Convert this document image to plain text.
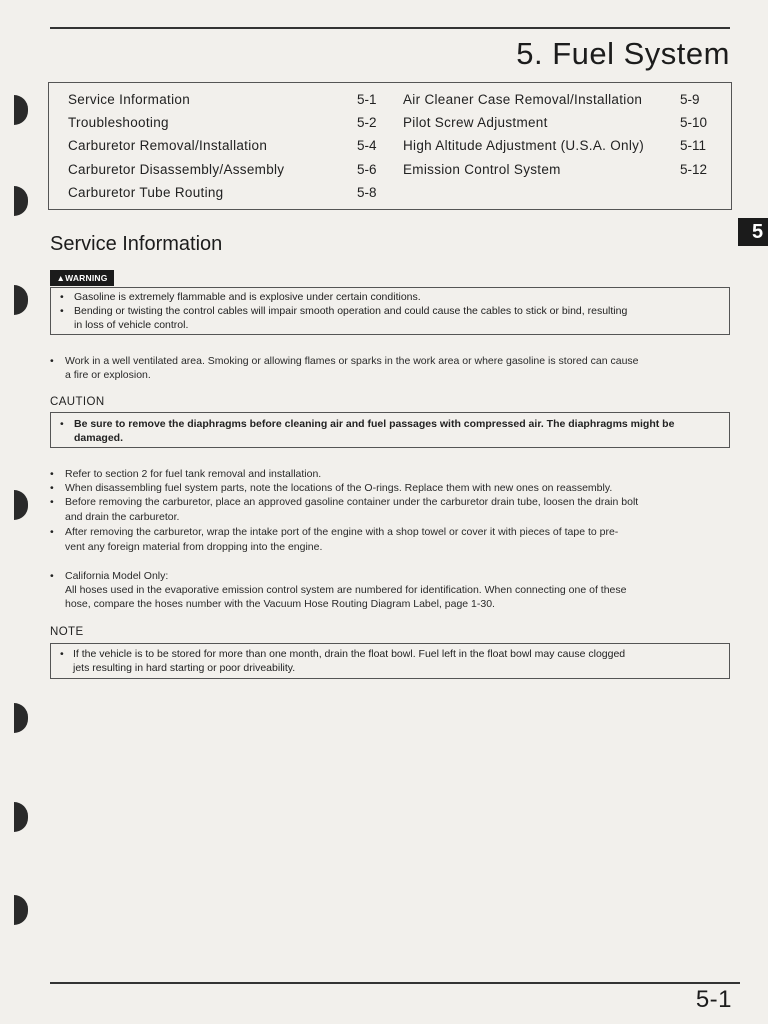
5. Fuel System
5
Service Information	5-1
Troubleshooting	5-2
Carburetor Removal/Installation	5-4
Carburetor Disassembly/Assembly	5-6
Carburetor Tube Routing	5-8
Air Cleaner Case Removal/Installation	5-9
Pilot Screw Adjustment	5-10
High Altitude Adjustment (U.S.A. Only)	5-11
Emission Control System	5-12
Service Information
▲WARNING
• Gasoline is extremely flammable and is explosive under certain conditions.
• Bending or twisting the control cables will impair smooth operation and could cause the cables to stick or bind, resulting
in loss of vehicle control.
• Work in a well ventilated area. Smoking or allowing flames or sparks in the work area or where gasoline is stored can cause
a fire or explosion.
CAUTION
• Be sure to remove the diaphragms before cleaning air and fuel passages with compressed air. The diaphragms might be
damaged.
• Refer to section 2 for fuel tank removal and installation.
• When disassembling fuel system parts, note the locations of the O-rings. Replace them with new ones on reassembly.
• Before removing the carburetor, place an approved gasoline container under the carburetor drain tube, loosen the drain bolt
and drain the carburetor.
• After removing the carburetor, wrap the intake port of the engine with a shop towel or cover it with pieces of tape to pre-
vent any foreign material from dropping into the engine.
• California Model Only:
All hoses used in the evaporative emission control system are numbered for identification. When connecting one of these
hose, compare the hoses number with the Vacuum Hose Routing Diagram Label, page 1-30.
NOTE
• If the vehicle is to be stored for more than one month, drain the float bowl. Fuel left in the float bowl may cause clogged
jets resulting in hard starting or poor driveability.
5-1
